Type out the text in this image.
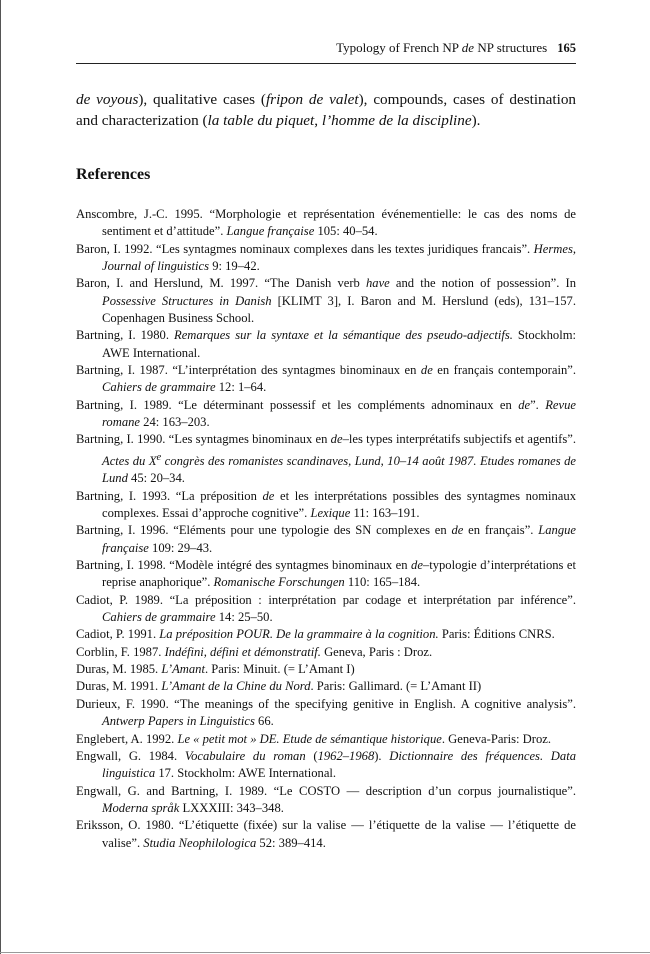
Typology of French NP de NP structures 165
de voyous), qualitative cases (fripon de valet), compounds, cases of destination and characterization (la table du piquet, l’homme de la discipline).
References
Anscombre, J.-C. 1995. “Morphologie et représentation événementielle: le cas des noms de sentiment et d’attitude”. Langue française 105: 40–54.
Baron, I. 1992. “Les syntagmes nominaux complexes dans les textes juridiques francais”. Hermes, Journal of linguistics 9: 19–42.
Baron, I. and Herslund, M. 1997. “The Danish verb have and the notion of possession”. In Possessive Structures in Danish [KLIMT 3], I. Baron and M. Herslund (eds), 131–157. Copenhagen Business School.
Bartning, I. 1980. Remarques sur la syntaxe et la sémantique des pseudo-adjectifs. Stockholm: AWE International.
Bartning, I. 1987. “L’interprétation des syntagmes binominaux en de en français contemporain”. Cahiers de grammaire 12: 1–64.
Bartning, I. 1989. “Le déterminant possessif et les compléments adnominaux en de”. Revue romane 24: 163–203.
Bartning, I. 1990. “Les syntagmes binominaux en de–les types interprétatifs subjectifs et agentifs”. Actes du Xe congrès des romanistes scandinaves, Lund, 10–14 août 1987. Etudes romanes de Lund 45: 20–34.
Bartning, I. 1993. “La préposition de et les interprétations possibles des syntagmes nominaux complexes. Essai d’approche cognitive”. Lexique 11: 163–191.
Bartning, I. 1996. “Eléments pour une typologie des SN complexes en de en français”. Langue française 109: 29–43.
Bartning, I. 1998. “Modèle intégré des syntagmes binominaux en de–typologie d’interprétations et reprise anaphorique”. Romanische Forschungen 110: 165–184.
Cadiot, P. 1989. “La préposition : interprétation par codage et interprétation par inférence”. Cahiers de grammaire 14: 25–50.
Cadiot, P. 1991. La préposition POUR. De la grammaire à la cognition. Paris: Éditions CNRS.
Corblin, F. 1987. Indéfini, défini et démonstratif. Geneva, Paris : Droz.
Duras, M. 1985. L’Amant. Paris: Minuit. (= L’Amant I)
Duras, M. 1991. L’Amant de la Chine du Nord. Paris: Gallimard. (= L’Amant II)
Durieux, F. 1990. “The meanings of the specifying genitive in English. A cognitive analysis”. Antwerp Papers in Linguistics 66.
Englebert, A. 1992. Le « petit mot » DE. Etude de sémantique historique. Geneva-Paris: Droz.
Engwall, G. 1984. Vocabulaire du roman (1962–1968). Dictionnaire des fréquences. Data linguistica 17. Stockholm: AWE International.
Engwall, G. and Bartning, I. 1989. “Le COSTO — description d’un corpus journalistique”. Moderna språk LXXXIII: 343–348.
Eriksson, O. 1980. “L’étiquette (fixée) sur la valise — l’étiquette de la valise — l’étiquette de valise”. Studia Neophilologica 52: 389–414.
